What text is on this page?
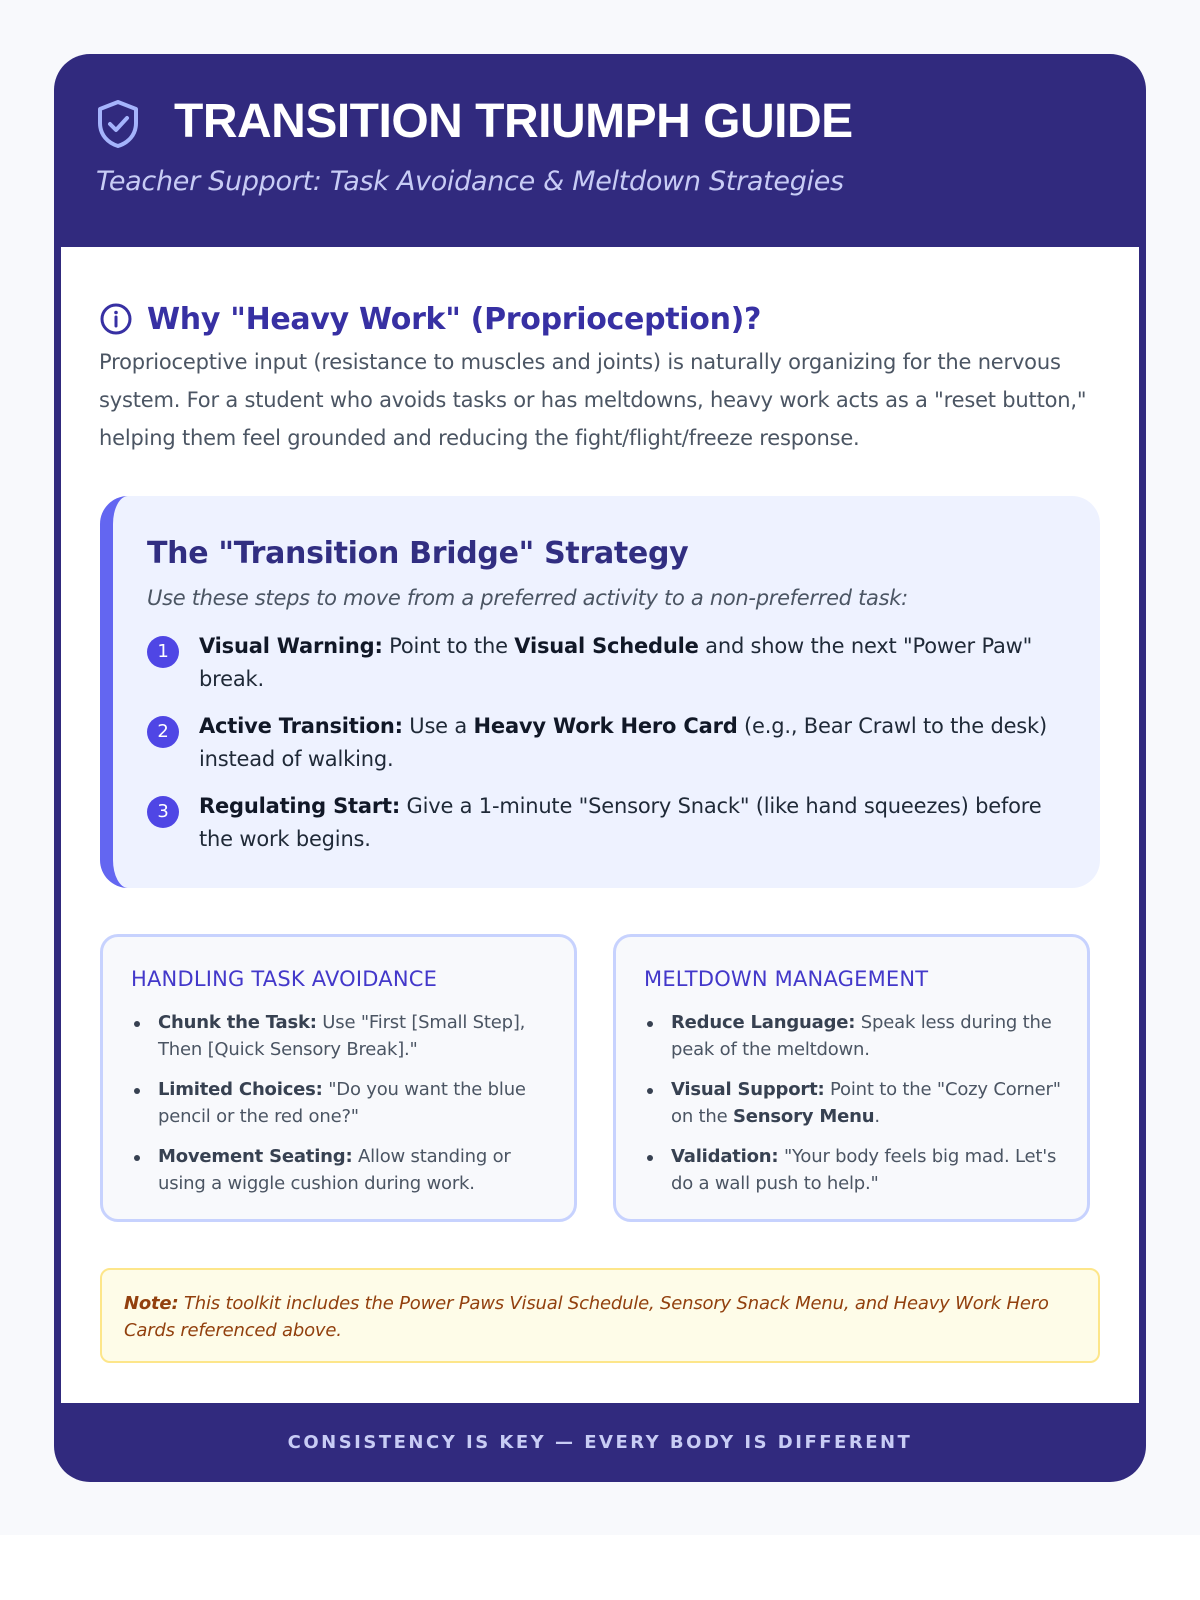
TRANSITION TRIUMPH GUIDE
Teacher Support: Task Avoidance & Meltdown Strategies
Why "Heavy Work" (Proprioception)?

Proprioceptive input (resistance to muscles and joints) is naturally organizing for the nervous system. For a student who avoids tasks or has meltdowns, heavy work acts as a "reset button," helping them feel grounded and reducing the fight/flight/freeze response.

The "Transition Bridge" Strategy
Use these steps to move from a preferred activity to a non-preferred task:
1	Visual Warning: Point to the Visual Schedule and show the next "Power Paw" break.
2	Active Transition: Use a Heavy Work Hero Card (e.g., Bear Crawl to the desk) instead of walking.
3	Regulating Start: Give a 1-minute "Sensory Snack" (like hand squeezes) before the work begins.
HANDLING TASK AVOIDANCE
Chunk the Task: Use "First [Small Step], Then [Quick Sensory Break]."
Limited Choices: "Do you want the blue pencil or the red one?"
Movement Seating: Allow standing or using a wiggle cushion during work.
MELTDOWN MANAGEMENT
Reduce Language: Speak less during the peak of the meltdown.
Visual Support: Point to the "Cozy Corner" on the Sensory Menu.
Validation: "Your body feels big mad. Let's do a wall push to help."
Note: This toolkit includes the Power Paws Visual Schedule, Sensory Snack Menu, and Heavy Work Hero Cards referenced above.
CONSISTENCY IS KEY — EVERY BODY IS DIFFERENT
